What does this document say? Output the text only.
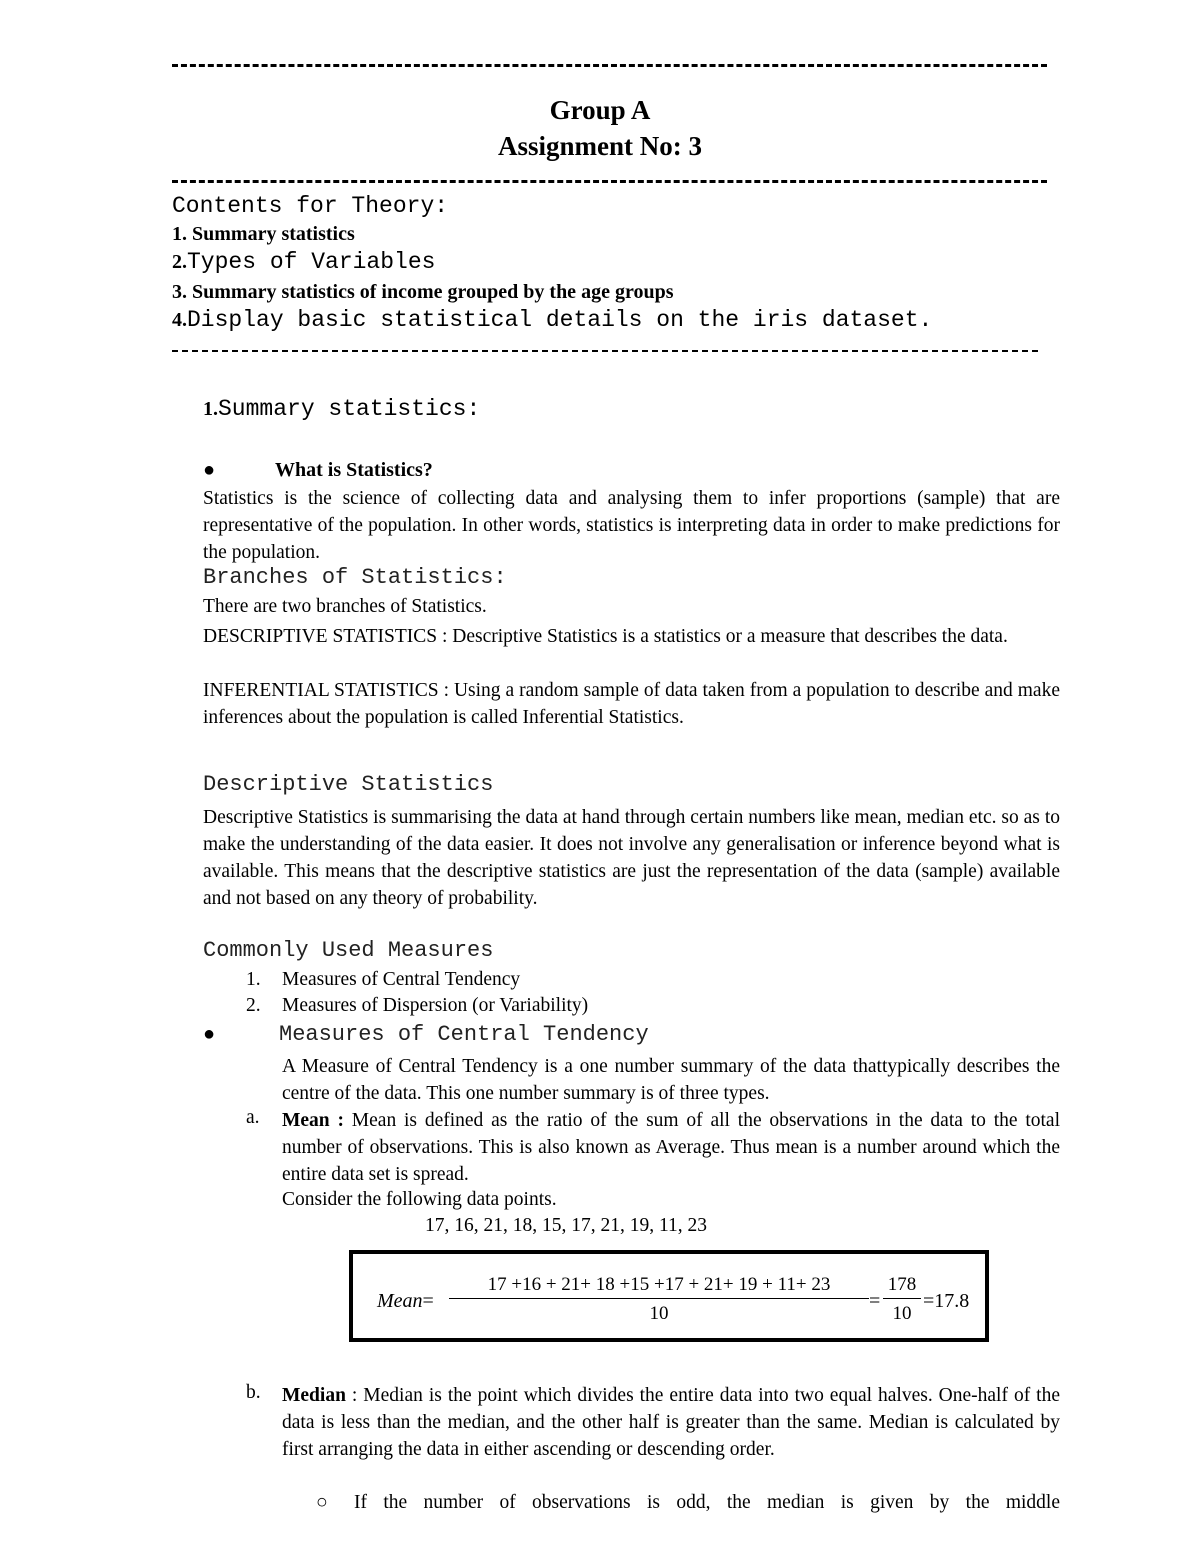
Group A
Assignment No: 3
Contents for Theory:
1. Summary statistics
2.Types of Variables
3. Summary statistics of income grouped by the age groups
4.Display basic statistical details on the iris dataset.
1.Summary statistics:
●	What is Statistics?
Statistics is the science of collecting data and analysing them to infer proportions (sample) that are representative of the population. In other words, statistics is interpreting data in order to make predictions for the population.
Branches of Statistics:
There are two branches of Statistics.
DESCRIPTIVE STATISTICS : Descriptive Statistics is a statistics or a measure that describes the data.
INFERENTIAL STATISTICS : Using a random sample of data taken from a population to describe and make inferences about the population is called Inferential Statistics.
Descriptive Statistics
Descriptive Statistics is summarising the data at hand through certain numbers like mean, median etc. so as to make the understanding of the data easier. It does not involve any generalisation or inference beyond what is available. This means that the descriptive statistics are just the representation of the data (sample) available and not based on any theory of probability.
Commonly Used Measures
1. Measures of Central Tendency
2. Measures of Dispersion (or Variability)
●	Measures of Central Tendency
A Measure of Central Tendency is a one number summary of the data thattypically describes the centre of the data. This one number summary is of three types.
a. Mean : Mean is defined as the ratio of the sum of all the observations in the data to the total number of observations. This is also known as Average. Thus mean is a number around which the entire data set is spread.
Consider the following data points.
17, 16, 21, 18, 15, 17, 21, 19, 11, 23
Mean= $\frac{17 +16 + 21+ 18 +15 +17 + 21+ 19 + 11+ 23}{10} = \frac{178}{10} =17.8$
b. Median : Median is the point which divides the entire data into two equal halves. One-half of the data is less than the median, and the other half is greater than the same. Median is calculated by first arranging the data in either ascending or descending order.
○ If the number of observations is odd, the median is given by the middle
